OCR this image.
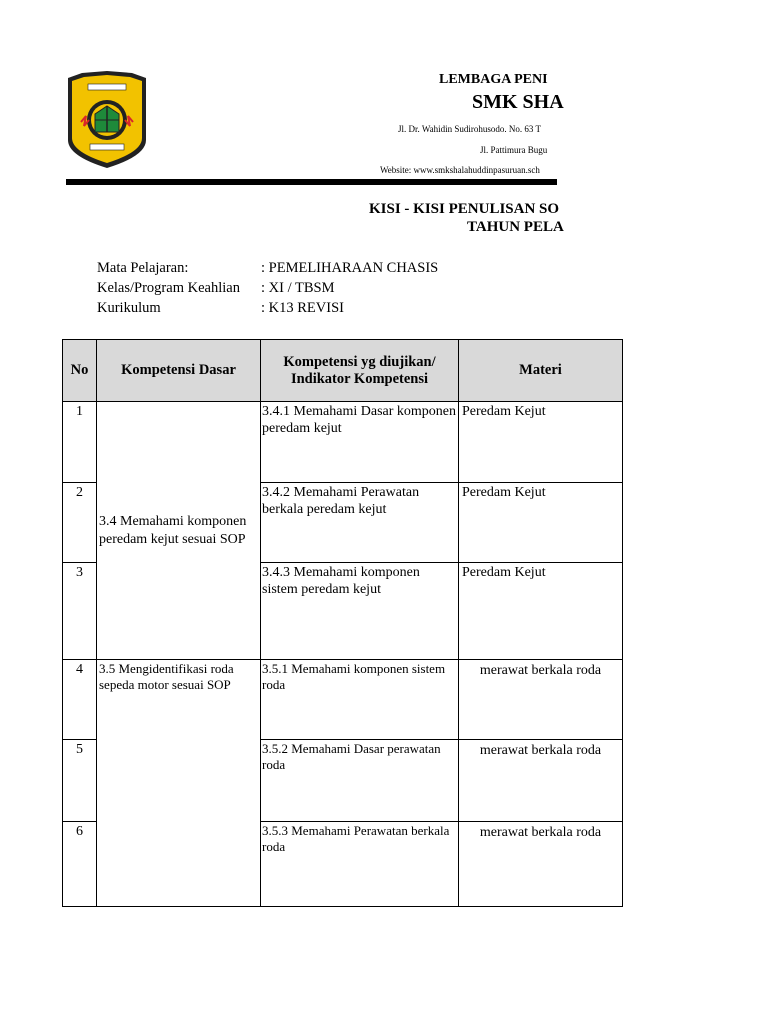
LEMBAGA PENI
SMK SHA
Jl. Dr. Wahidin Sudirohusodo. No. 63 T
Jl. Pattimura Bugu
Website: www.smkshalahuddinpasuruan.sch
KISI - KISI PENULISAN SO
TAHUN PELA
Mata Pelajaran:	: PEMELIHARAAN CHASIS
Kelas/Program Keahlian	: XI / TBSM
Kurikulum	: K13 REVISI
No	Kompetensi Dasar	Kompetensi yg diujikan/ Indikator Kompetensi	Materi
1	3.4 Memahami komponen peredam kejut sesuai SOP	3.4.1 Memahami Dasar komponen peredam kejut	Peredam Kejut
2		3.4.2 Memahami Perawatan berkala peredam kejut	Peredam Kejut
3		3.4.3 Memahami komponen sistem peredam kejut	Peredam Kejut
4	3.5 Mengidentifikasi roda sepeda motor sesuai SOP	3.5.1 Memahami komponen sistem roda	merawat berkala roda
5		3.5.2 Memahami Dasar perawatan roda	merawat berkala roda
6		3.5.3 Memahami Perawatan berkala roda	merawat berkala roda
